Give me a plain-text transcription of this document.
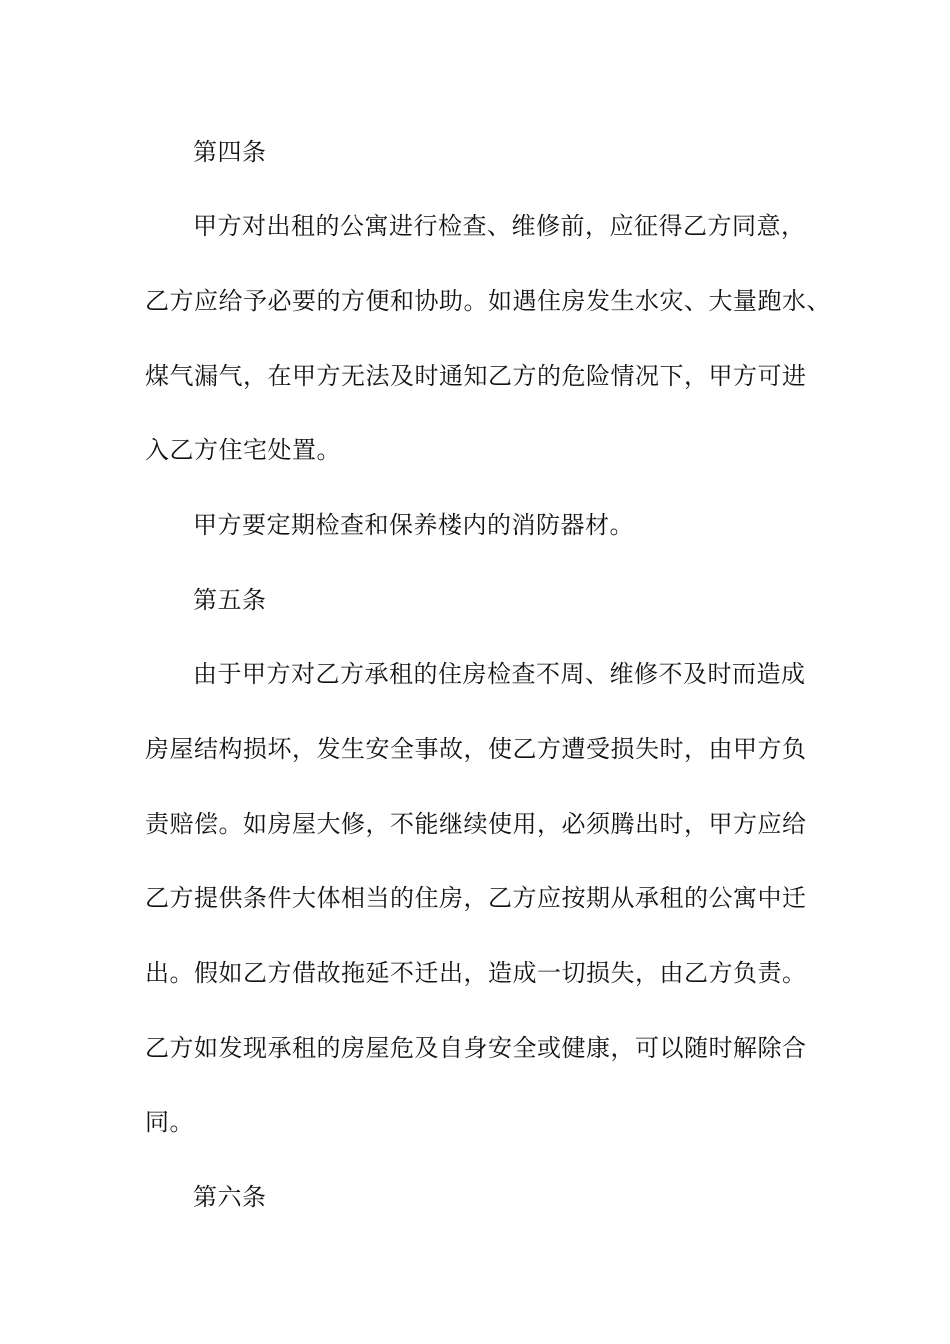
第四条

甲方对出租的公寓进行检查、维修前，应征得乙方同意，

乙方应给予必要的方便和协助。如遇住房发生水灾、大量跑水、

煤气漏气，在甲方无法及时通知乙方的危险情况下，甲方可进

入乙方住宅处置。

甲方要定期检查和保养楼内的消防器材。

第五条

由于甲方对乙方承租的住房检查不周、维修不及时而造成

房屋结构损坏，发生安全事故，使乙方遭受损失时，由甲方负

责赔偿。如房屋大修，不能继续使用，必须腾出时，甲方应给

乙方提供条件大体相当的住房，乙方应按期从承租的公寓中迁

出。假如乙方借故拖延不迁出，造成一切损失，由乙方负责。

乙方如发现承租的房屋危及自身安全或健康，可以随时解除合

同。

第六条
